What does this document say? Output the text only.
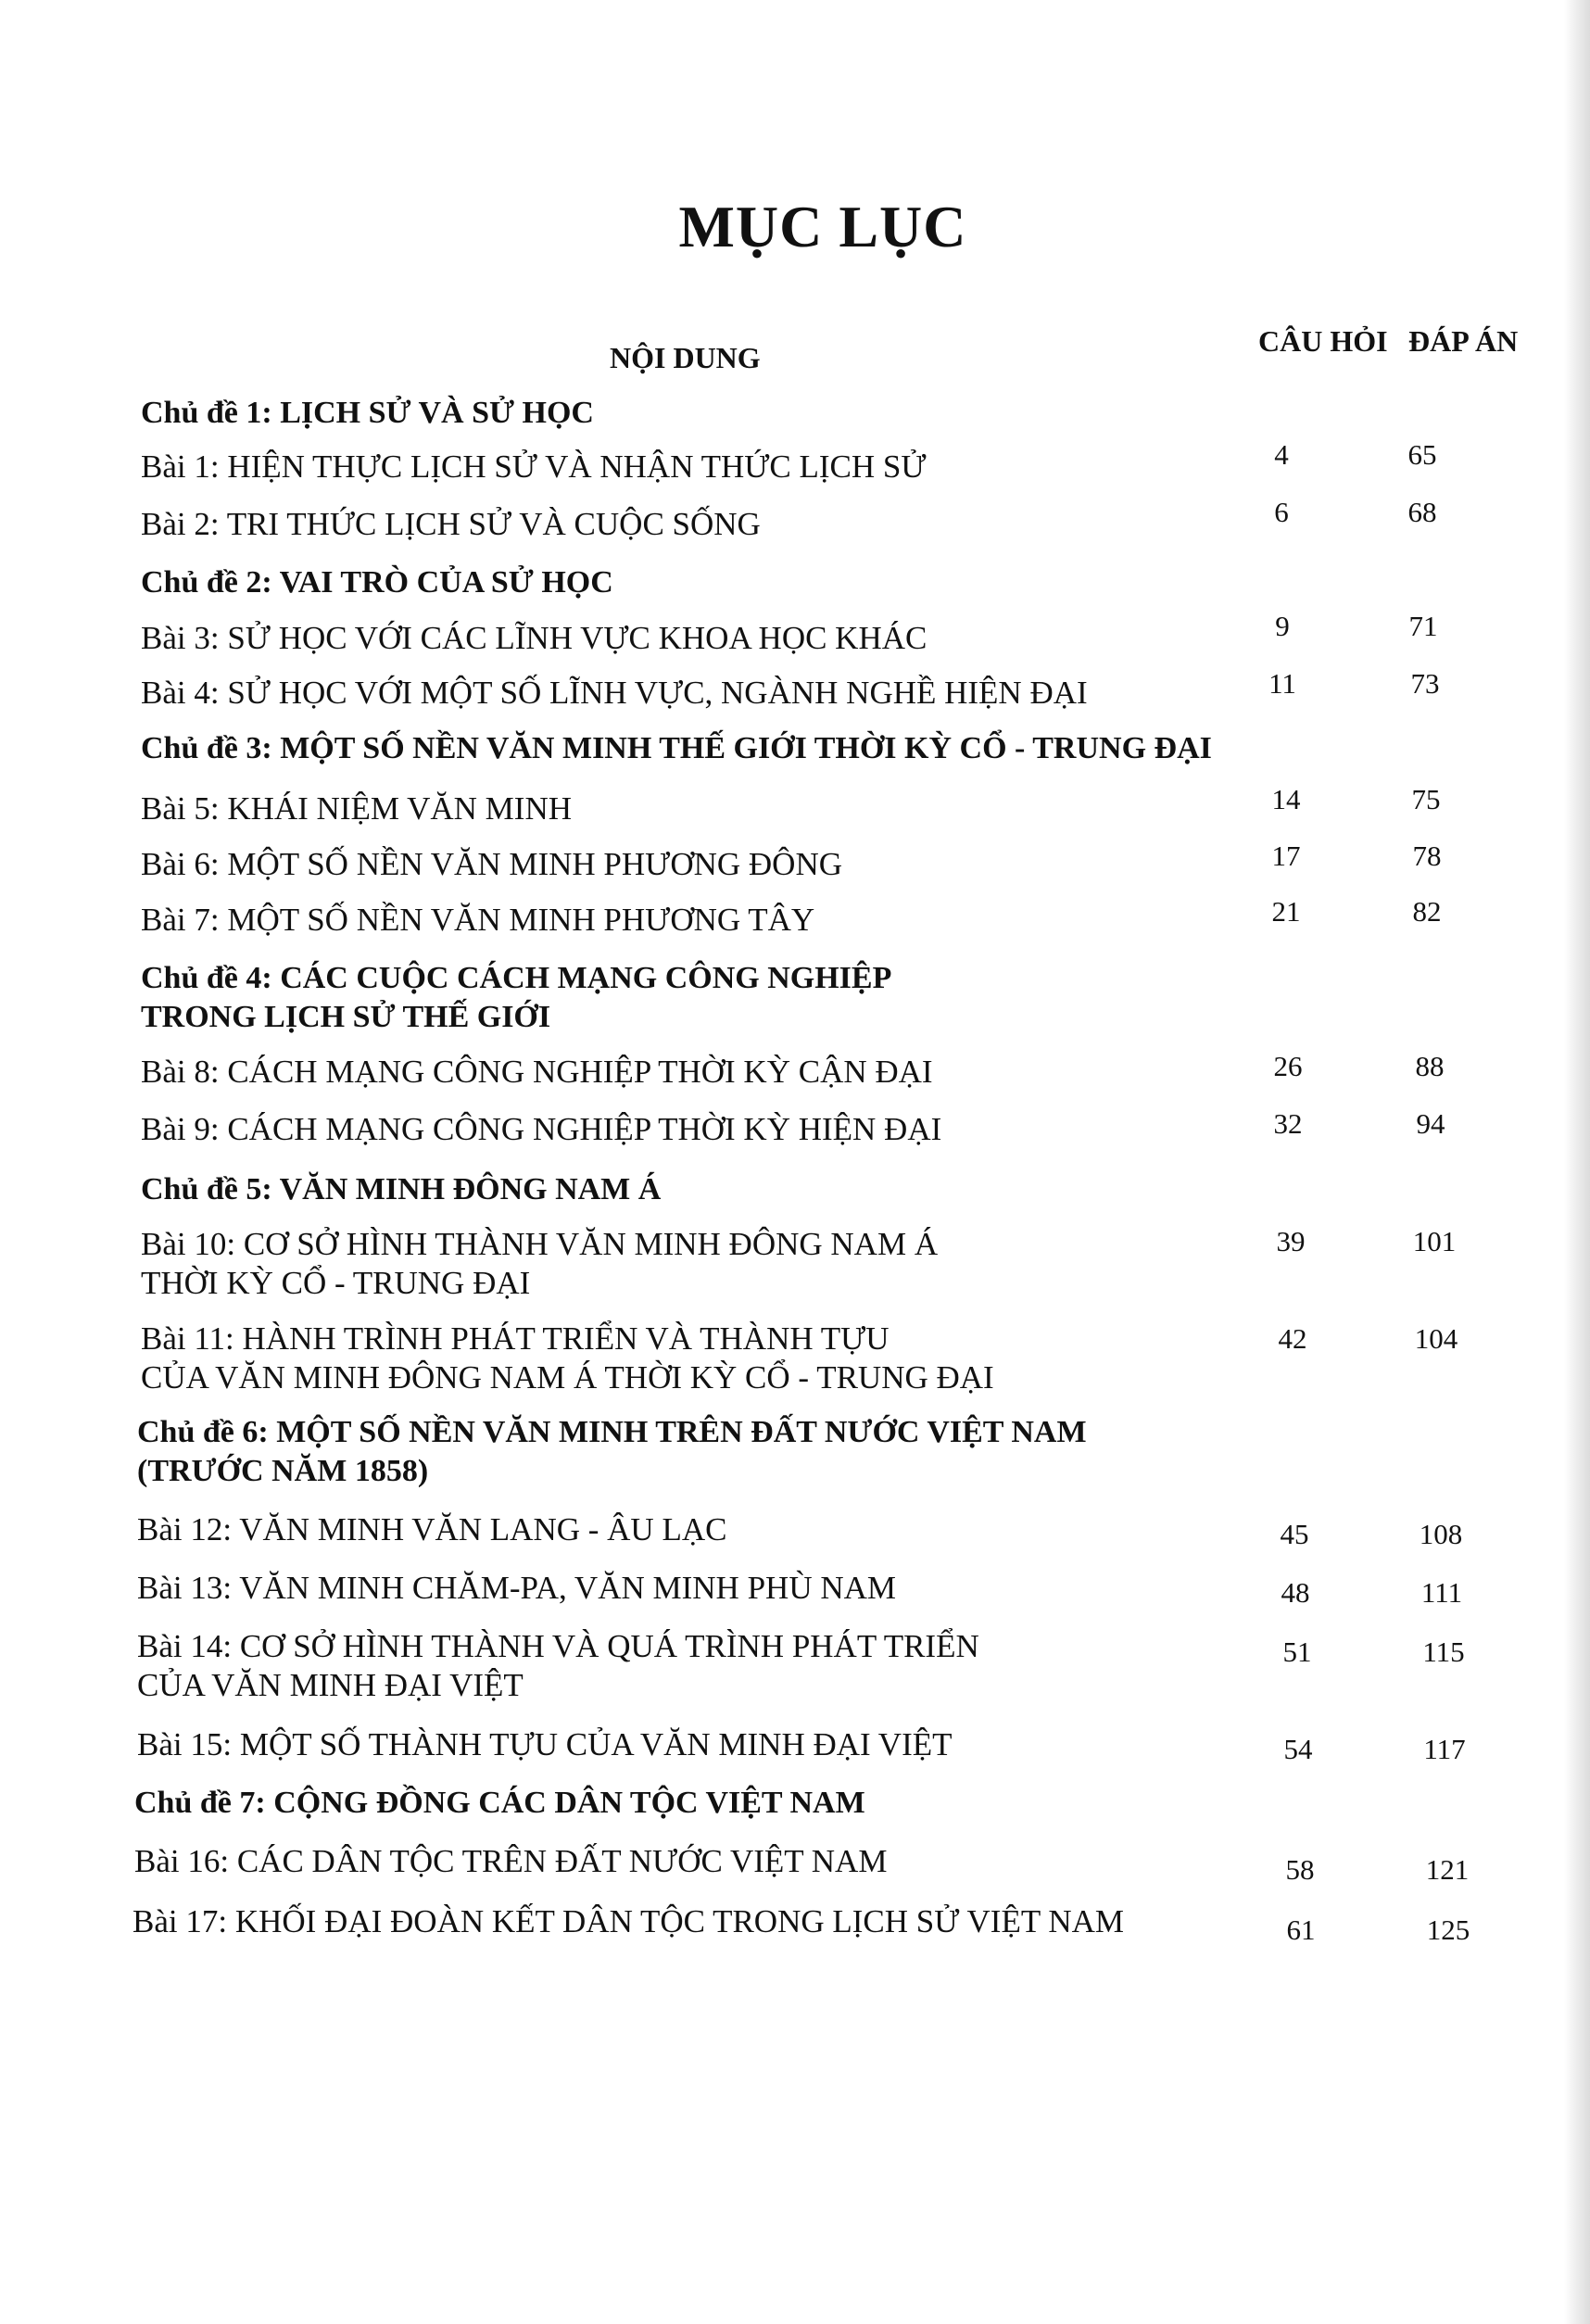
MỤC LỤC
NỘI DUNG	CÂU HỎI ĐÁP ÁN
Chủ đề 1: LỊCH SỬ VÀ SỬ HỌC
Bài 1: HIỆN THỰC LỊCH SỬ VÀ NHẬN THỨC LỊCH SỬ	4	65
Bài 2: TRI THỨC LỊCH SỬ VÀ CUỘC SỐNG	6	68
Chủ đề 2: VAI TRÒ CỦA SỬ HỌC
Bài 3: SỬ HỌC VỚI CÁC LĨNH VỰC KHOA HỌC KHÁC	9	71
Bài 4: SỬ HỌC VỚI MỘT SỐ LĨNH VỰC, NGÀNH NGHỀ HIỆN ĐẠI	11	73
Chủ đề 3: MỘT SỐ NỀN VĂN MINH THẾ GIỚI THỜI KỲ CỔ - TRUNG ĐẠI
Bài 5: KHÁI NIỆM VĂN MINH	14	75
Bài 6: MỘT SỐ NỀN VĂN MINH PHƯƠNG ĐÔNG	17	78
Bài 7: MỘT SỐ NỀN VĂN MINH PHƯƠNG TÂY	21	82
Chủ đề 4: CÁC CUỘC CÁCH MẠNG CÔNG NGHIỆP
TRONG LỊCH SỬ THẾ GIỚI
Bài 8: CÁCH MẠNG CÔNG NGHIỆP THỜI KỲ CẬN ĐẠI	26	88
Bài 9: CÁCH MẠNG CÔNG NGHIỆP THỜI KỲ HIỆN ĐẠI	32	94
Chủ đề 5: VĂN MINH ĐÔNG NAM Á
Bài 10: CƠ SỞ HÌNH THÀNH VĂN MINH ĐÔNG NAM Á
THỜI KỲ CỔ - TRUNG ĐẠI
39	101
Bài 11: HÀNH TRÌNH PHÁT TRIỂN VÀ THÀNH TỰU
CỦA VĂN MINH ĐÔNG NAM Á THỜI KỲ CỔ - TRUNG ĐẠI
42	104
Chủ đề 6: MỘT SỐ NỀN VĂN MINH TRÊN ĐẤT NƯỚC VIỆT NAM
(TRƯỚC NĂM 1858)
Bài 12: VĂN MINH VĂN LANG - ÂU LẠC	45	108
Bài 13: VĂN MINH CHĂM-PA, VĂN MINH PHÙ NAM	48	111
Bài 14: CƠ SỞ HÌNH THÀNH VÀ QUÁ TRÌNH PHÁT TRIỂN
CỦA VĂN MINH ĐẠI VIỆT
51	115
Bài 15: MỘT SỐ THÀNH TỰU CỦA VĂN MINH ĐẠI VIỆT	54	117
Chủ đề 7: CỘNG ĐỒNG CÁC DÂN TỘC VIỆT NAM
Bài 16: CÁC DÂN TỘC TRÊN ĐẤT NƯỚC VIỆT NAM	58	121
Bài 17: KHỐI ĐẠI ĐOÀN KẾT DÂN TỘC TRONG LỊCH SỬ VIỆT NAM	61	125
